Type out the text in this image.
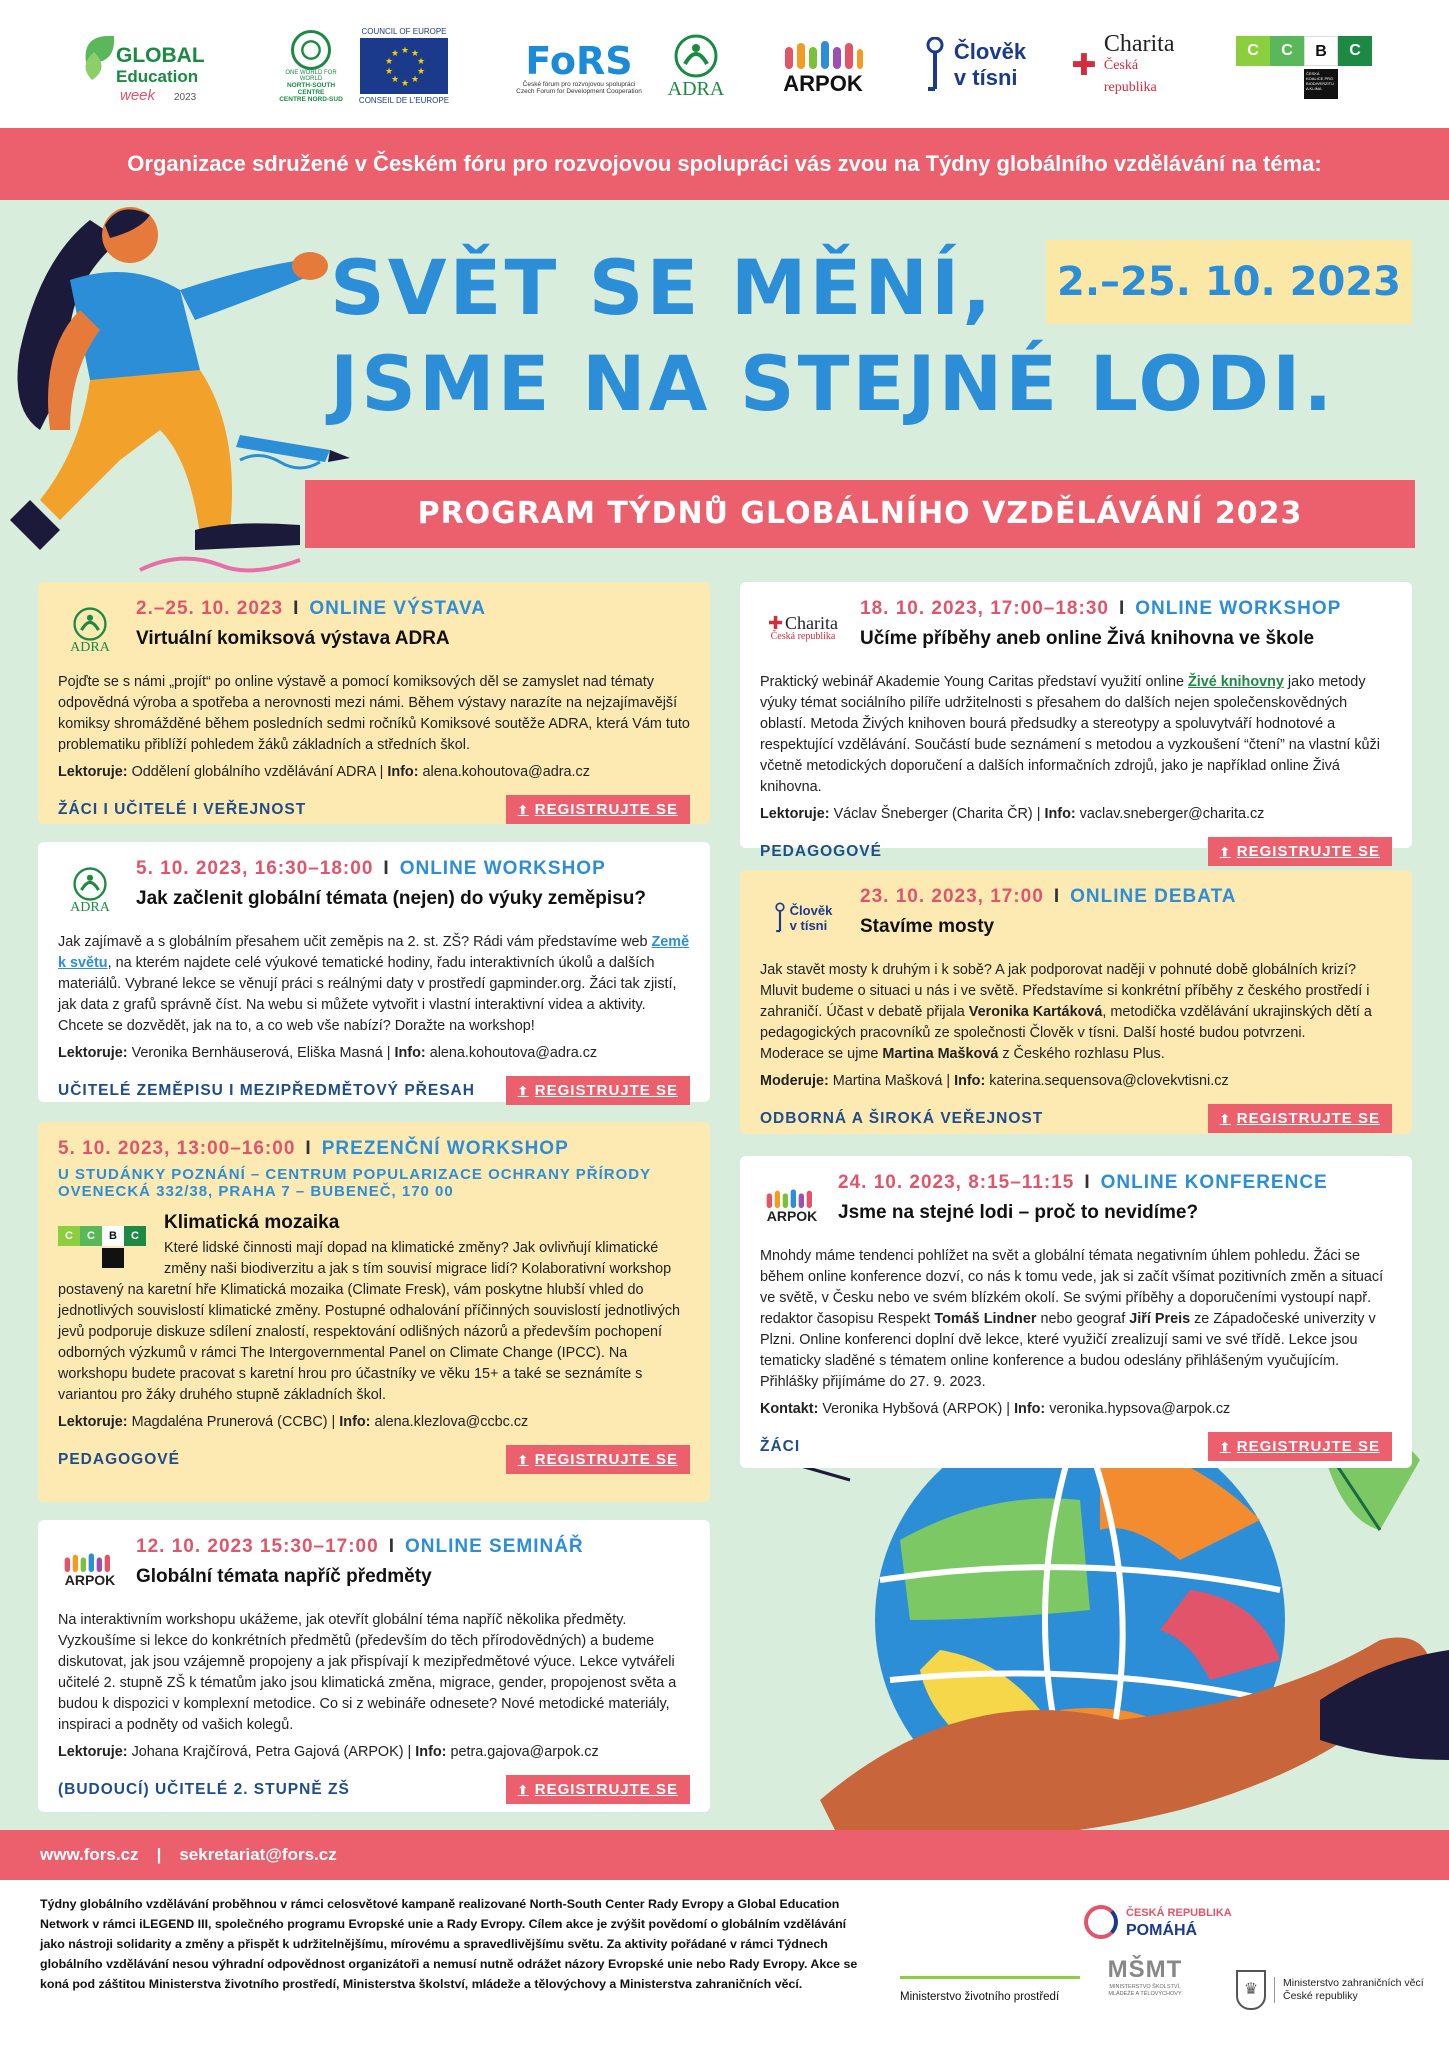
GLOBAL
Education
week 2023
ONE WORLD FOR WORLD
NORTH-SOUTH CENTRE
CENTRE NORD-SUD
COUNCIL OF EUROPE
★ ★
★
★
★
★
★
★
★
★
CONSEIL DE L'EUROPE
FoRS
České fórum pro rozvojovou spolupráci
Czech Forum for Development Cooperation ADRA	ARPOK
Člověk
v tísni ✚
Charita
Česká republika
C	C	B	C
ČESKÁ KOALICE PRO BIODIVERZITU A KLIMA

Organizace sdružené v Českém fóru pro rozvojovou spolupráci vás zvou na Týdny globálního vzdělávání na téma:

SVĚT SE MĚNÍ,
JSME NA STEJNÉ LODI.
2.–25. 10. 2023
PROGRAM TÝDNŮ GLOBÁLNÍHO VZDĚLÁVÁNÍ 2023
ADRA
2.–25. 10. 2023 I ONLINE VÝSTAVA
Virtuální komiksová výstava ADRA
Pojďte se s námi „projít“ po online výstavě a pomocí komiksových děl se zamyslet nad tématy odpovědná výroba a spotřeba a nerovnosti mezi námi. Během výstavy narazíte na nejzajímavější komiksy shromážděné během posledních sedmi ročníků Komiksové soutěže ADRA, která Vám tuto problematiku přiblíží pohledem žáků základních a středních škol.
Lektoruje: Oddělení globálního vzdělávání ADRA | Info: alena.kohoutova@adra.cz
ŽÁCI I UČITELÉ I VEŘEJNOST	⬆ REGISTRUJTE SE
ADRA
5. 10. 2023, 16:30–18:00 I ONLINE WORKSHOP
Jak začlenit globální témata (nejen) do výuky zeměpisu?
Jak zajímavě a s globálním přesahem učit zeměpis na 2. st. ZŠ? Rádi vám představíme web Země k světu, na kterém najdete celé výukové tematické hodiny, řadu interaktivních úkolů a dalších materiálů. Vybrané lekce se věnují práci s reálnými daty v prostředí gapminder.org. Žáci tak zjistí, jak data z grafů správně číst. Na webu si můžete vytvořit i vlastní interaktivní videa a aktivity. Chcete se dozvědět, jak na to, a co web vše nabízí? Doražte na workshop!
Lektoruje: Veronika Bernhäuserová, Eliška Masná | Info: alena.kohoutova@adra.cz
UČITELÉ ZEMĚPISU I MEZIPŘEDMĚTOVÝ PŘESAH	⬆ REGISTRUJTE SE
5. 10. 2023, 13:00–16:00 I PREZENČNÍ WORKSHOP
U STUDÁNKY POZNÁNÍ – CENTRUM POPULARIZACE OCHRANY PŘÍRODY
OVENECKÁ 332/38, PRAHA 7 – BUBENEČ, 170 00
C	C	B	C
Klimatická mozaika
Které lidské činnosti mají dopad na klimatické změny? Jak ovlivňují klimatické změny naši biodiverzitu a jak s tím souvisí migrace lidí? Kolaborativní workshop
postavený na karetní hře Klimatická mozaika (Climate Fresk), vám poskytne hlubší vhled do jednotlivých souvislostí klimatické změny. Postupné odhalování příčinných souvislostí jednotlivých jevů podporuje diskuze sdílení znalostí, respektování odlišných názorů a především pochopení odborných výzkumů v rámci The Intergovernmental Panel on Climate Change (IPCC). Na workshopu budete pracovat s karetní hrou pro účastníky ve věku 15+ a také se seznámíte s variantou pro žáky druhého stupně základních škol.
Lektoruje: Magdaléna Prunerová (CCBC) | Info: alena.klezlova@ccbc.cz
PEDAGOGOVÉ	⬆ REGISTRUJTE SE
ARPOK
12. 10. 2023 15:30–17:00 I ONLINE SEMINÁŘ
Globální témata napříč předměty
Na interaktivním workshopu ukážeme, jak otevřít globální téma napříč několika předměty. Vyzkoušíme si lekce do konkrétních předmětů (především do těch přírodovědných) a budeme diskutovat, jak jsou vzájemně propojeny a jak přispívají k mezipředmětové výuce. Lekce vytvářeli učitelé 2. stupně ZŠ k tématům jako jsou klimatická změna, migrace, gender, propojenost světa a budou k dispozici v komplexní metodice. Co si z webináře odnesete? Nové metodické materiály, inspiraci a podněty od vašich kolegů.
Lektoruje: Johana Krajčírová, Petra Gajová (ARPOK) | Info: petra.gajova@arpok.cz
(BUDOUCÍ) UČITELÉ 2. STUPNĚ ZŠ	⬆ REGISTRUJTE SE
✚ Charita
Česká republika
18. 10. 2023, 17:00–18:30 I ONLINE WORKSHOP
Učíme příběhy aneb online Živá knihovna ve škole
Praktický webinář Akademie Young Caritas představí využití online Živé knihovny jako metody výuky témat sociálního pilíře udržitelnosti s přesahem do dalších nejen společenskovědných oblastí. Metoda Živých knihoven bourá předsudky a stereotypy a spoluvytváří hodnotové a respektující vzdělávání. Součástí bude seznámení s metodou a vyzkoušení “čtení” na vlastní kůži včetně metodických doporučení a dalších informačních zdrojů, jako je například online Živá knihovna.
Lektoruje: Václav Šneberger (Charita ČR) | Info: vaclav.sneberger@charita.cz
PEDAGOGOVÉ	⬆ REGISTRUJTE SE
Člověk
v tísni
23. 10. 2023, 17:00 I ONLINE DEBATA
Stavíme mosty
Jak stavět mosty k druhým i k sobě? A jak podporovat naději v pohnuté době globálních krizí? Mluvit budeme o situaci u nás i ve světě. Představíme si konkrétní příběhy z českého prostředí i zahraničí. Účast v debatě přijala Veronika Kartáková, metodička vzdělávání ukrajinských dětí a pedagogických pracovníků ze společnosti Člověk v tísni. Další hosté budou potvrzeni.
Moderace se ujme Martina Mašková z Českého rozhlasu Plus.
Moderuje: Martina Mašková | Info: katerina.sequensova@clovekvtisni.cz
ODBORNÁ A ŠIROKÁ VEŘEJNOST	⬆ REGISTRUJTE SE
ARPOK
24. 10. 2023, 8:15–11:15 I ONLINE KONFERENCE
Jsme na stejné lodi – proč to nevidíme?
Mnohdy máme tendenci pohlížet na svět a globální témata negativním úhlem pohledu. Žáci se během online konference dozví, co nás k tomu vede, jak si začít všímat pozitivních změn a situací ve světě, v Česku nebo ve svém blízkém okolí. Se svými příběhy a doporučeními vystoupí např. redaktor časopisu Respekt Tomáš Lindner nebo geograf Jiří Preis ze Západočeské univerzity v Plzni. Online konferenci doplní dvě lekce, které využičí zrealizují sami ve své třídě. Lekce jsou tematicky sladěné s tématem online konference a budou odeslány přihlášeným vyučujícím. Přihlášky přijímáme do 27. 9. 2023.
Kontakt: Veronika Hybšová (ARPOK) | Info: veronika.hypsova@arpok.cz
ŽÁCI	⬆ REGISTRUJTE SE
www.fors.cz | sekretariat@fors.cz
Týdny globálního vzdělávání proběhnou v rámci celosvětové kampaně realizované North-South Center Rady Evropy a Global Education Network v rámci iLEGEND III, společného programu Evropské unie a Rady Evropy. Cílem akce je zvýšit povědomí o globálním vzdělávání jako nástroji solidarity a změny a přispět k udržitelnějšímu, mírovému a spravedlivějšímu světu. Za aktivity pořádané v rámci Týdnech globálního vzdělávání nesou výhradní odpovědnost organizátoři a nemusí nutně odrážet názory Evropské unie nebo Rady Evropy. Akce se koná pod záštitou Ministerstva životního prostředí, Ministerstva školství, mládeže a tělovýchovy a Ministerstva zahraničních věcí.
ČESKÁ REPUBLIKA
POMÁHÁ
Ministerstvo životního prostředí
MŠMT
MINISTERSTVO ŠKOLSTVÍ, MLÁDEŽE A TĚLOVÝCHOVY	♛	Ministerstvo zahraničních věcí
České republiky
